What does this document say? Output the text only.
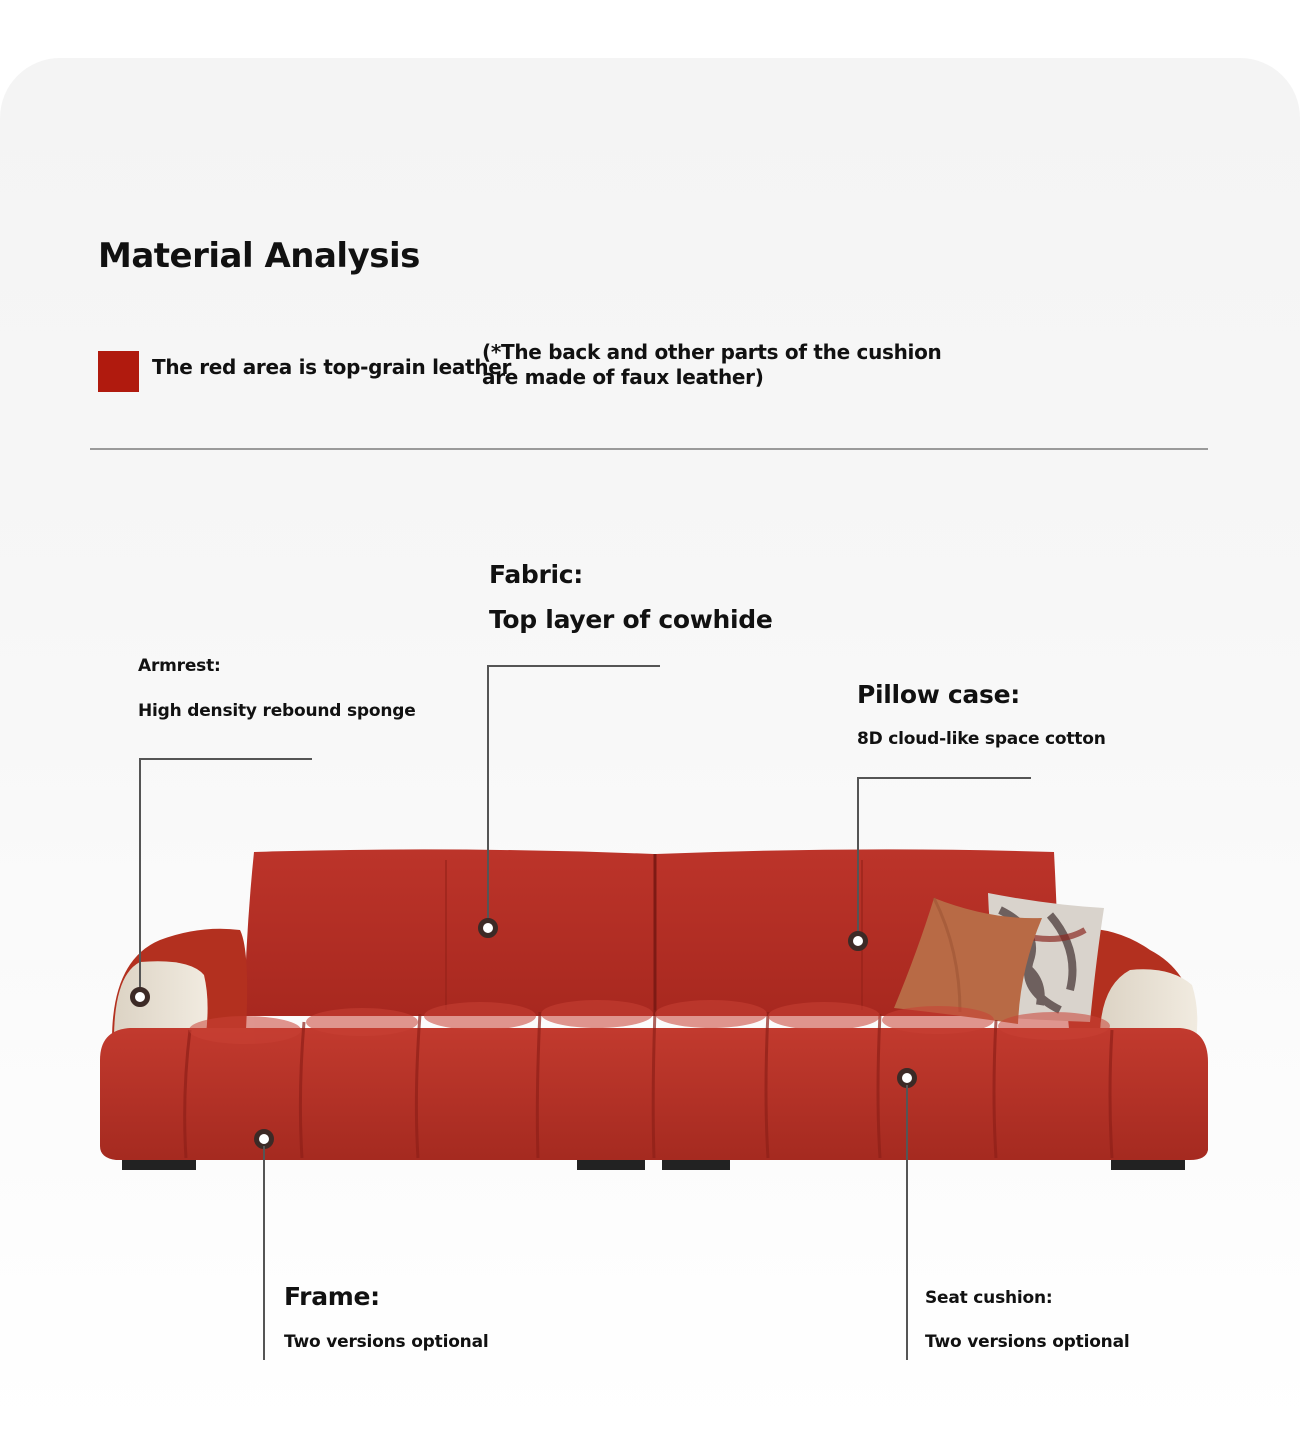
Material Analysis
The red area is top-grain leather
(*The back and other parts of the cushion
are made of faux leather)
Fabric:
Top layer of cowhide
Armrest:
High density rebound sponge
Pillow case:
8D cloud-like space cotton
Frame:
Two versions optional
Seat cushion:
Two versions optional
